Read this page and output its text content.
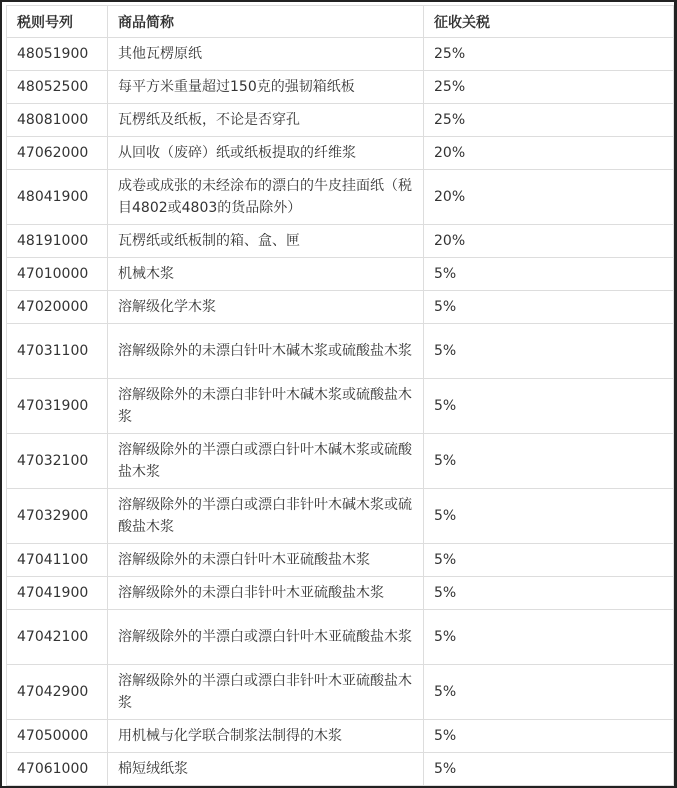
税则号列	商品简称	征收关税
48051900	其他瓦楞原纸	25%
48052500	每平方米重量超过150克的强韧箱纸板	25%
48081000	瓦楞纸及纸板，不论是否穿孔	25%
47062000	从回收（废碎）纸或纸板提取的纤维浆	20%
48041900	成卷或成张的未经涂布的漂白的牛皮挂面纸（税目4802或4803的货品除外）	20%
48191000	瓦楞纸或纸板制的箱、盒、匣	20%
47010000	机械木浆	5%
47020000	溶解级化学木浆	5%
47031100	溶解级除外的未漂白针叶木碱木浆或硫酸盐木浆	5%
47031900	溶解级除外的未漂白非针叶木碱木浆或硫酸盐木浆	5%
47032100	溶解级除外的半漂白或漂白针叶木碱木浆或硫酸盐木浆	5%
47032900	溶解级除外的半漂白或漂白非针叶木碱木浆或硫酸盐木浆	5%
47041100	溶解级除外的未漂白针叶木亚硫酸盐木浆	5%
47041900	溶解级除外的未漂白非针叶木亚硫酸盐木浆	5%
47042100	溶解级除外的半漂白或漂白针叶木亚硫酸盐木浆	5%
47042900	溶解级除外的半漂白或漂白非针叶木亚硫酸盐木浆	5%
47050000	用机械与化学联合制浆法制得的木浆	5%
47061000	棉短绒纸浆	5%
